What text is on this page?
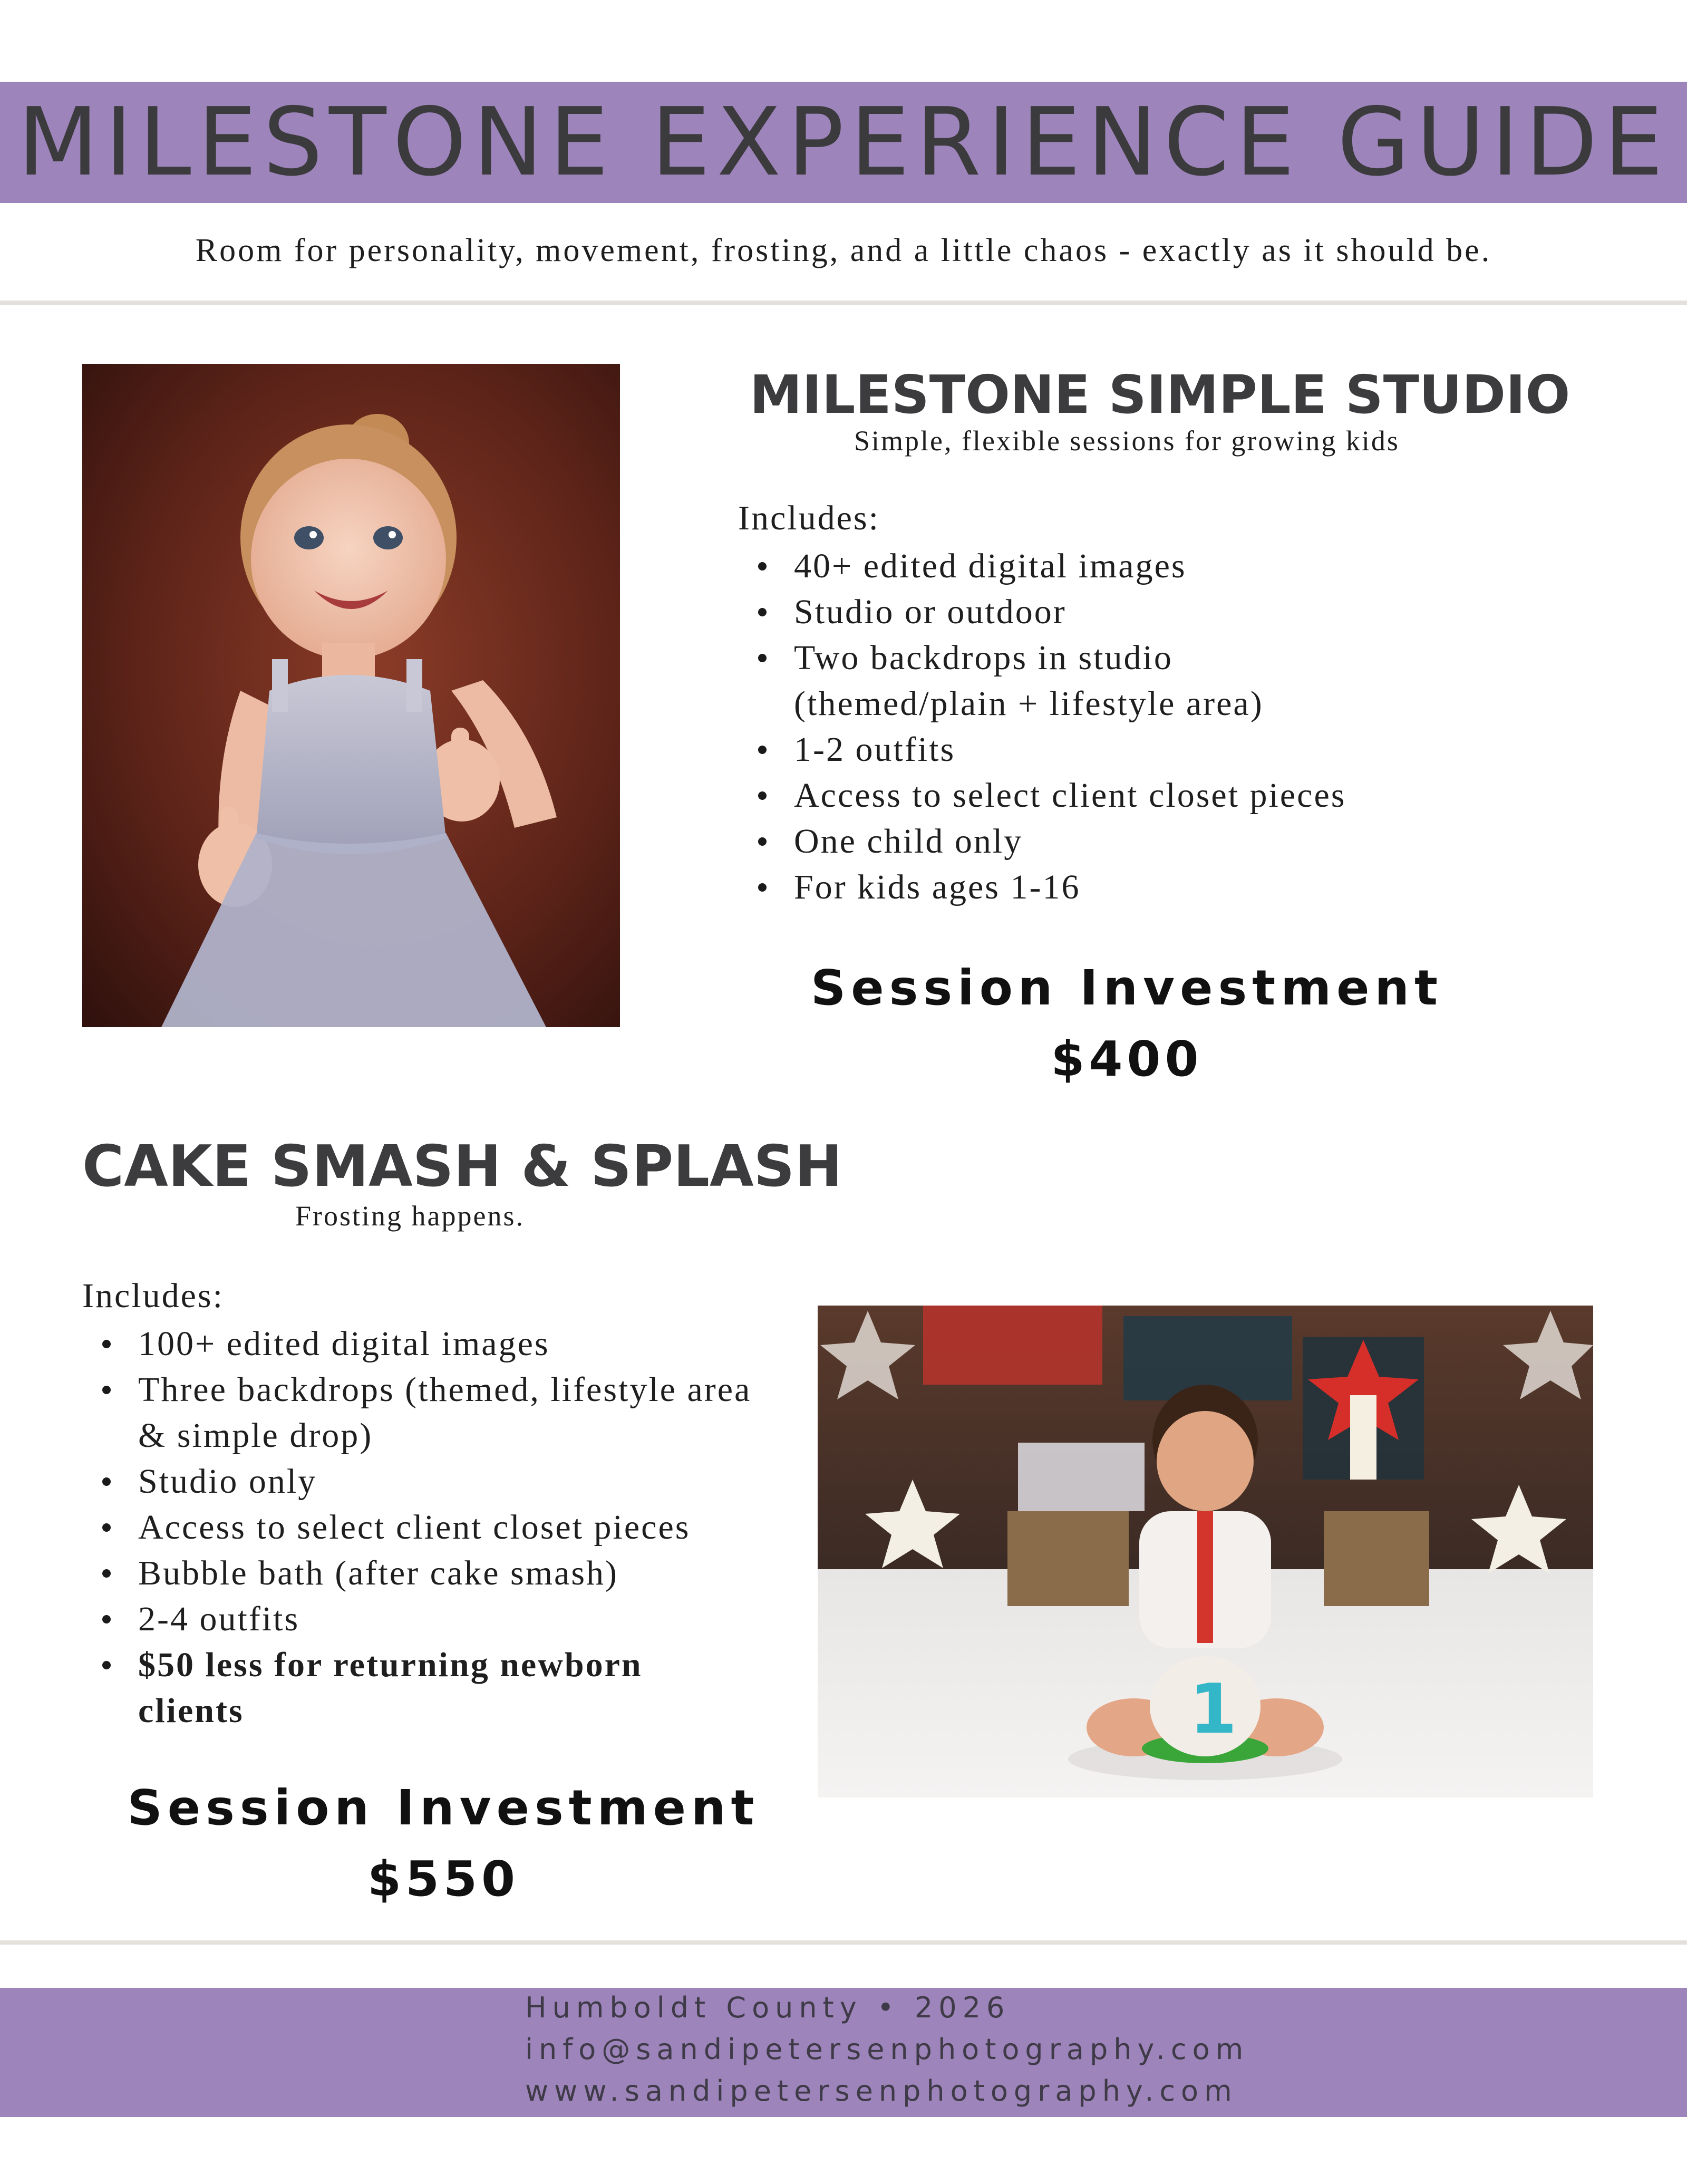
MILESTONE EXPERIENCE GUIDE
Room for personality, movement, frosting, and a little chaos - exactly as it should be.
MILESTONE SIMPLE STUDIO
Simple, flexible sessions for growing kids
Includes:
40+ edited digital images
Studio or outdoor
Two backdrops in studio (themed/plain + lifestyle area)
1-2 outfits
Access to select client closet pieces
One child only
For kids ages 1-16
Session Investment
$400
CAKE SMASH & SPLASH
Frosting happens.
Includes:
100+ edited digital images
Three backdrops (themed, lifestyle area & simple drop)
Studio only
Access to select client closet pieces
Bubble bath (after cake smash)
2-4 outfits
$50 less for returning newborn clients
Session Investment
$550
1
Humboldt County • 2026
info@sandipetersenphotography.com
www.sandipetersenphotography.com
